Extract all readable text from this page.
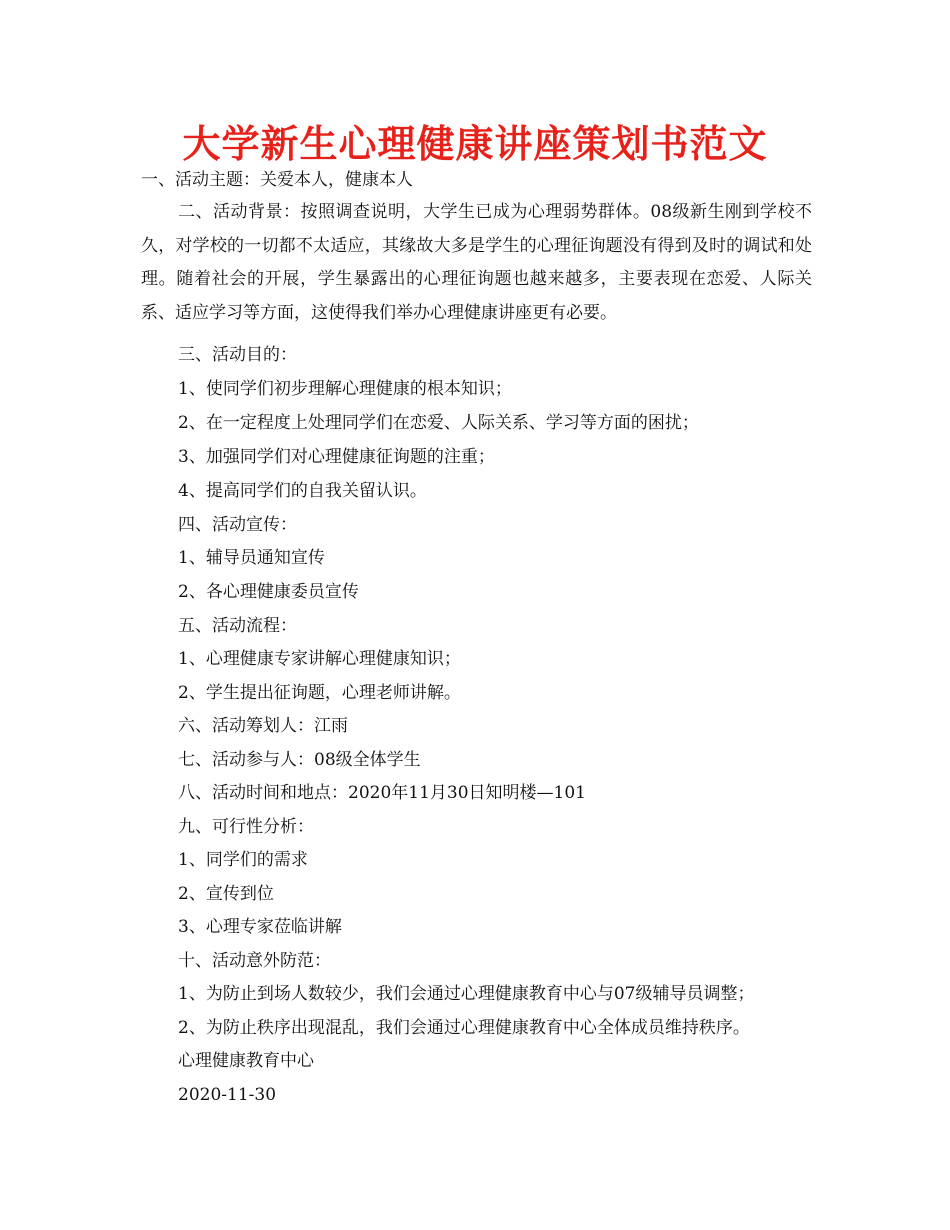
大学新生心理健康讲座策划书范文

一、活动主题：关爱本人，健康本人

二、活动背景：按照调查说明，大学生已成为心理弱势群体。08级新生刚到学校不久，对学校的一切都不太适应，其缘故大多是学生的心理征询题没有得到及时的调试和处理。随着社会的开展，学生暴露出的心理征询题也越来越多，主要表现在恋爱、人际关系、适应学习等方面，这使得我们举办心理健康讲座更有必要。

三、活动目的：

1、使同学们初步理解心理健康的根本知识；

2、在一定程度上处理同学们在恋爱、人际关系、学习等方面的困扰；

3、加强同学们对心理健康征询题的注重；

4、提高同学们的自我关留认识。

四、活动宣传：

1、辅导员通知宣传

2、各心理健康委员宣传

五、活动流程：

1、心理健康专家讲解心理健康知识；

2、学生提出征询题，心理老师讲解。

六、活动筹划人：江雨

七、活动参与人：08级全体学生

八、活动时间和地点：2020年11月30日知明楼—101

九、可行性分析：

1、同学们的需求

2、宣传到位

3、心理专家莅临讲解

十、活动意外防范：

1、为防止到场人数较少，我们会通过心理健康教育中心与07级辅导员调整；

2、为防止秩序出现混乱，我们会通过心理健康教育中心全体成员维持秩序。

心理健康教育中心

2020-11-30
